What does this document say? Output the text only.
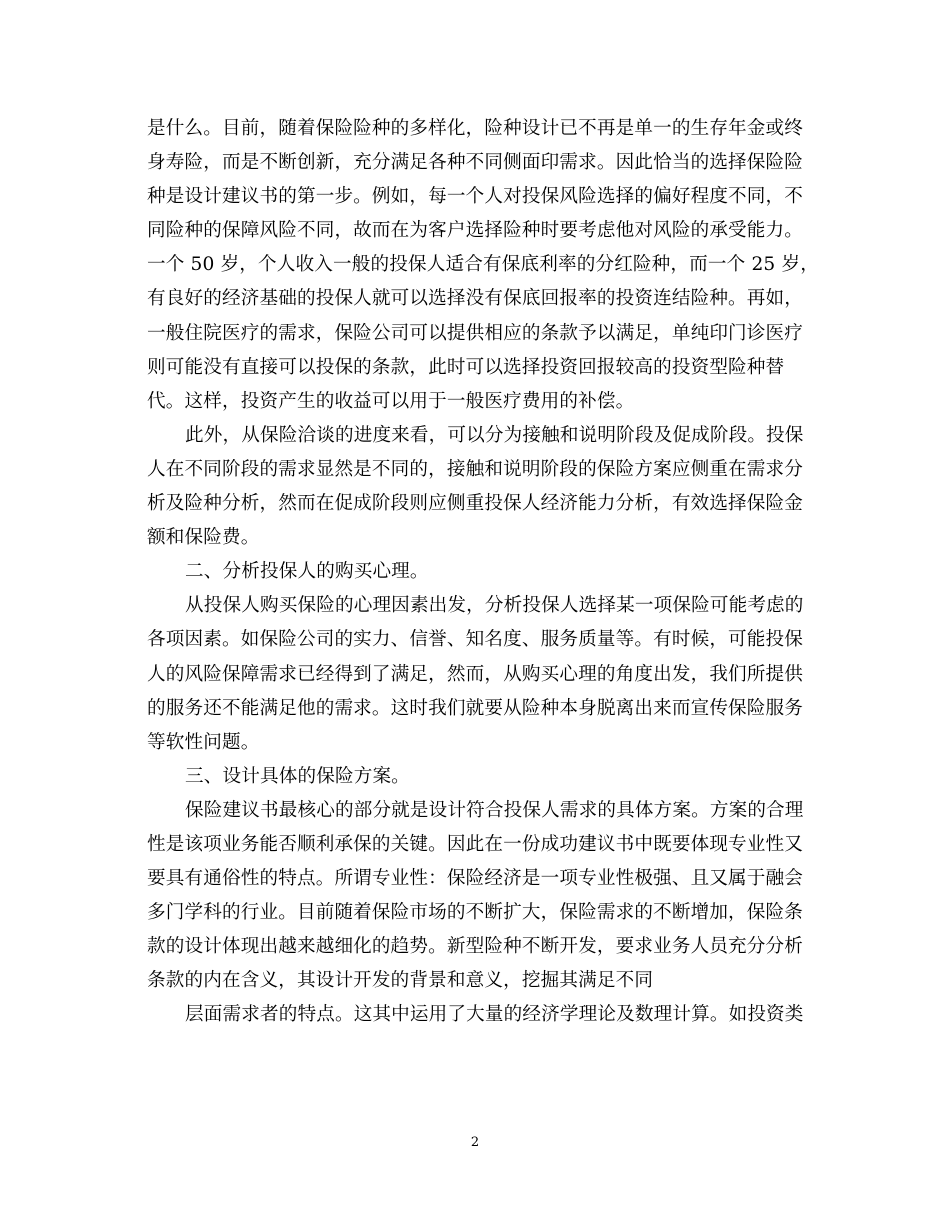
是什么。目前，随着保险险种的多样化，险种设计已不再是单一的生存年金或终
身寿险，而是不断创新，充分满足各种不同侧面印需求。因此恰当的选择保险险
种是设计建议书的第一步。例如，每一个人对投保风险选择的偏好程度不同，不
同险种的保障风险不同，故而在为客户选择险种时要考虑他对风险的承受能力。
一个 50 岁，个人收入一般的投保人适合有保底利率的分红险种，而一个 25 岁，
有良好的经济基础的投保人就可以选择没有保底回报率的投资连结险种。再如，
一般住院医疗的需求，保险公司可以提供相应的条款予以满足，单纯印门诊医疗
则可能没有直接可以投保的条款，此时可以选择投资回报较高的投资型险种替
代。这样，投资产生的收益可以用于一般医疗费用的补偿。
此外，从保险洽谈的进度来看，可以分为接触和说明阶段及促成阶段。投保
人在不同阶段的需求显然是不同的，接触和说明阶段的保险方案应侧重在需求分
析及险种分析，然而在促成阶段则应侧重投保人经济能力分析，有效选择保险金
额和保险费。
二、分析投保人的购买心理。
从投保人购买保险的心理因素出发，分析投保人选择某一项保险可能考虑的
各项因素。如保险公司的实力、信誉、知名度、服务质量等。有时候，可能投保
人的风险保障需求已经得到了满足，然而，从购买心理的角度出发，我们所提供
的服务还不能满足他的需求。这时我们就要从险种本身脱离出来而宣传保险服务
等软性问题。
三、设计具体的保险方案。
保险建议书最核心的部分就是设计符合投保人需求的具体方案。方案的合理
性是该项业务能否顺利承保的关键。因此在一份成功建议书中既要体现专业性又
要具有通俗性的特点。所谓专业性：保险经济是一项专业性极强、且又属于融会
多门学科的行业。目前随着保险市场的不断扩大，保险需求的不断增加，保险条
款的设计体现出越来越细化的趋势。新型险种不断开发，要求业务人员充分分析
条款的内在含义，其设计开发的背景和意义，挖掘其满足不同
层面需求者的特点。这其中运用了大量的经济学理论及数理计算。如投资类
2
